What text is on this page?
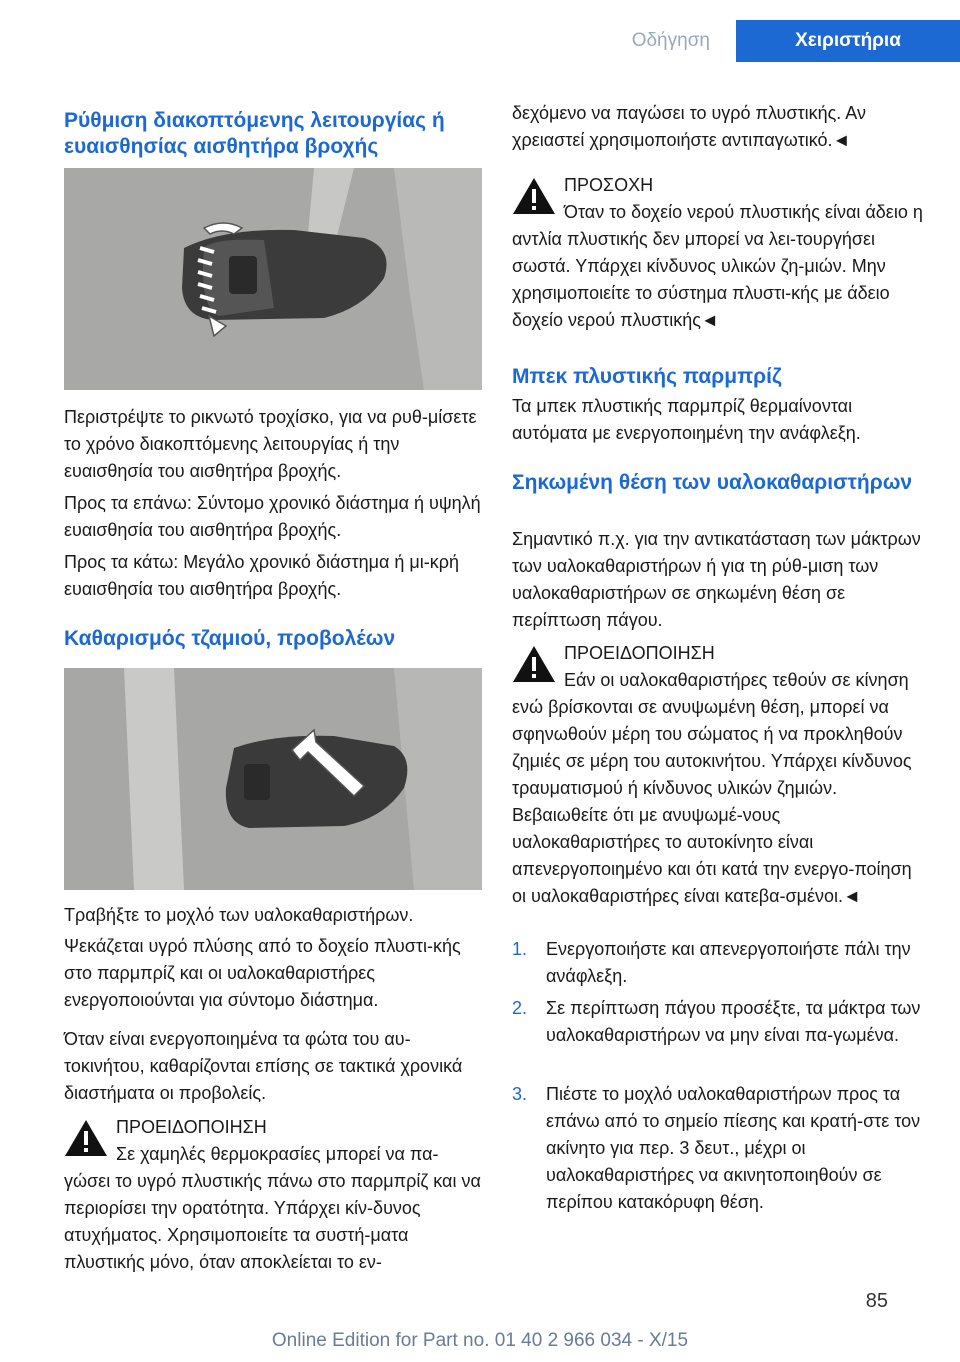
Οδήγηση	Χειριστήρια
Ρύθμιση διακοπτόμενης λειτουργίας ή ευαισθησίας αισθητήρα βροχής

Περιστρέψτε το ρικνωτό τροχίσκο, για να ρυθ-μίσετε το χρόνο διακοπτόμενης λειτουργίας ή την ευαισθησία του αισθητήρα βροχής.

Προς τα επάνω: Σύντομο χρονικό διάστημα ή υψηλή ευαισθησία του αισθητήρα βροχής.

Προς τα κάτω: Μεγάλο χρονικό διάστημα ή μι-κρή ευαισθησία του αισθητήρα βροχής.

Καθαρισμός τζαμιού, προβολέων

Τραβήξτε το μοχλό των υαλοκαθαριστήρων.

Ψεκάζεται υγρό πλύσης από το δοχείο πλυστι-κής στο παρμπρίζ και οι υαλοκαθαριστήρες ενεργοποιούνται για σύντομο διάστημα.

Όταν είναι ενεργοποιημένα τα φώτα του αυ-τοκινήτου, καθαρίζονται επίσης σε τακτικά χρονικά διαστήματα οι προβολείς.

ΠΡΟΕΙΔΟΠΟΙΗΣΗ

Σε χαμηλές θερμοκρασίες μπορεί να πα-γώσει το υγρό πλυστικής πάνω στο παρμπρίζ και να περιορίσει την ορατότητα. Υπάρχει κίν-δυνος ατυχήματος. Χρησιμοποιείτε τα συστή-ματα πλυστικής μόνο, όταν αποκλείεται το εν-

δεχόμενο να παγώσει το υγρό πλυστικής. Αν χρειαστεί χρησιμοποιήστε αντιπαγωτικό.◄

ΠΡΟΣΟΧΗ

Όταν το δοχείο νερού πλυστικής είναι άδειο η αντλία πλυστικής δεν μπορεί να λει-τουργήσει σωστά. Υπάρχει κίνδυνος υλικών ζη-μιών. Μην χρησιμοποιείτε το σύστημα πλυστι-κής με άδειο δοχείο νερού πλυστικής◄

Μπεκ πλυστικής παρμπρίζ

Τα μπεκ πλυστικής παρμπρίζ θερμαίνονται αυτόματα με ενεργοποιημένη την ανάφλεξη.

Σηκωμένη θέση των υαλοκαθαριστήρων

Σημαντικό π.χ. για την αντικατάσταση των μάκτρων των υαλοκαθαριστήρων ή για τη ρύθ-μιση των υαλοκαθαριστήρων σε σηκωμένη θέση σε περίπτωση πάγου.

ΠΡΟΕΙΔΟΠΟΙΗΣΗ

Εάν οι υαλοκαθαριστήρες τεθούν σε κίνηση ενώ βρίσκονται σε ανυψωμένη θέση, μπορεί να σφηνωθούν μέρη του σώματος ή να προκληθούν ζημιές σε μέρη του αυτοκινήτου. Υπάρχει κίνδυνος τραυματισμού ή κίνδυνος υλικών ζημιών. Βεβαιωθείτε ότι με ανυψωμέ-νους υαλοκαθαριστήρες το αυτοκίνητο είναι απενεργοποιημένο και ότι κατά την ενεργο-ποίηση οι υαλοκαθαριστήρες είναι κατεβα-σμένοι.◄

1. Ενεργοποιήστε και απενεργοποιήστε πάλι την ανάφλεξη.
2. Σε περίπτωση πάγου προσέξτε, τα μάκτρα των υαλοκαθαριστήρων να μην είναι πα-γωμένα.
3. Πιέστε το μοχλό υαλοκαθαριστήρων προς τα επάνω από το σημείο πίεσης και κρατή-στε τον ακίνητο για περ. 3 δευτ., μέχρι οι υαλοκαθαριστήρες να ακινητοποιηθούν σε περίπου κατακόρυφη θέση.
85
Online Edition for Part no. 01 40 2 966 034 - X/15
